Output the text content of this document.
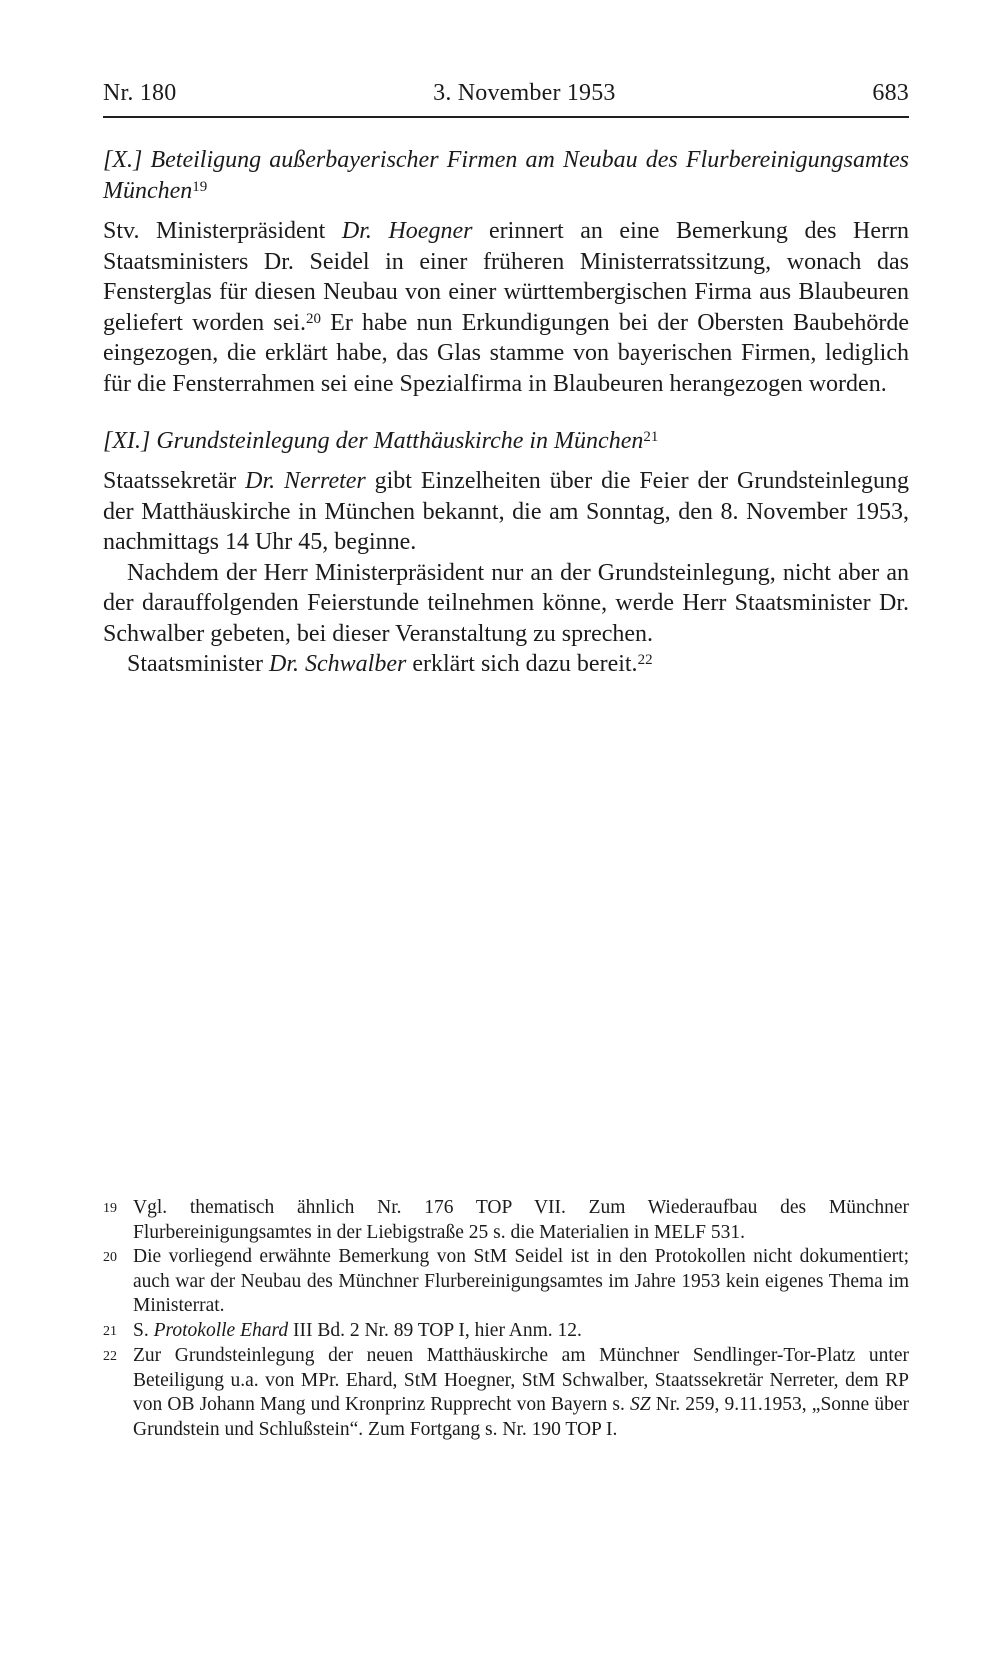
Nr. 180	3. November 1953	683
[X.] Beteiligung außerbayerischer Firmen am Neubau des Flurbereinigungsamtes München$^{19}$

Stv. Ministerpräsident Dr. Hoegner erinnert an eine Bemerkung des Herrn Staatsministers Dr. Seidel in einer früheren Ministerratssitzung, wonach das Fensterglas für diesen Neubau von einer württembergischen Firma aus Blaubeuren geliefert worden sei.$^{20}$ Er habe nun Erkundigungen bei der Obersten Baubehörde eingezogen, die erklärt habe, das Glas stamme von bayerischen Firmen, lediglich für die Fensterrahmen sei eine Spezialfirma in Blaubeuren herangezogen worden.

[XI.] Grundsteinlegung der Matthäuskirche in München$^{21}$

Staatssekretär Dr. Nerreter gibt Einzelheiten über die Feier der Grundsteinlegung der Matthäuskirche in München bekannt, die am Sonntag, den 8. November 1953, nachmittags 14 Uhr 45, beginne.

Nachdem der Herr Ministerpräsident nur an der Grundsteinlegung, nicht aber an der darauffolgenden Feierstunde teilnehmen könne, werde Herr Staatsminister Dr. Schwalber gebeten, bei dieser Veranstaltung zu sprechen.

Staatsminister Dr. Schwalber erklärt sich dazu bereit.$^{22}$

19 Vgl. thematisch ähnlich Nr. 176 TOP VII. Zum Wiederaufbau des Münchner Flurbereinigungsamtes in der Liebigstraße 25 s. die Materialien in MELF 531.
20 Die vorliegend erwähnte Bemerkung von StM Seidel ist in den Protokollen nicht dokumentiert; auch war der Neubau des Münchner Flurbereinigungsamtes im Jahre 1953 kein eigenes Thema im Ministerrat.
21 S. Protokolle Ehard III Bd. 2 Nr. 89 TOP I, hier Anm. 12.
22 Zur Grundsteinlegung der neuen Matthäuskirche am Münchner Sendlinger-Tor-Platz unter Beteiligung u.a. von MPr. Ehard, StM Hoegner, StM Schwalber, Staatssekretär Nerreter, dem RP von OB Johann Mang und Kronprinz Rupprecht von Bayern s. SZ Nr. 259, 9.11.1953, „Sonne über Grundstein und Schlußstein“. Zum Fortgang s. Nr. 190 TOP I.
